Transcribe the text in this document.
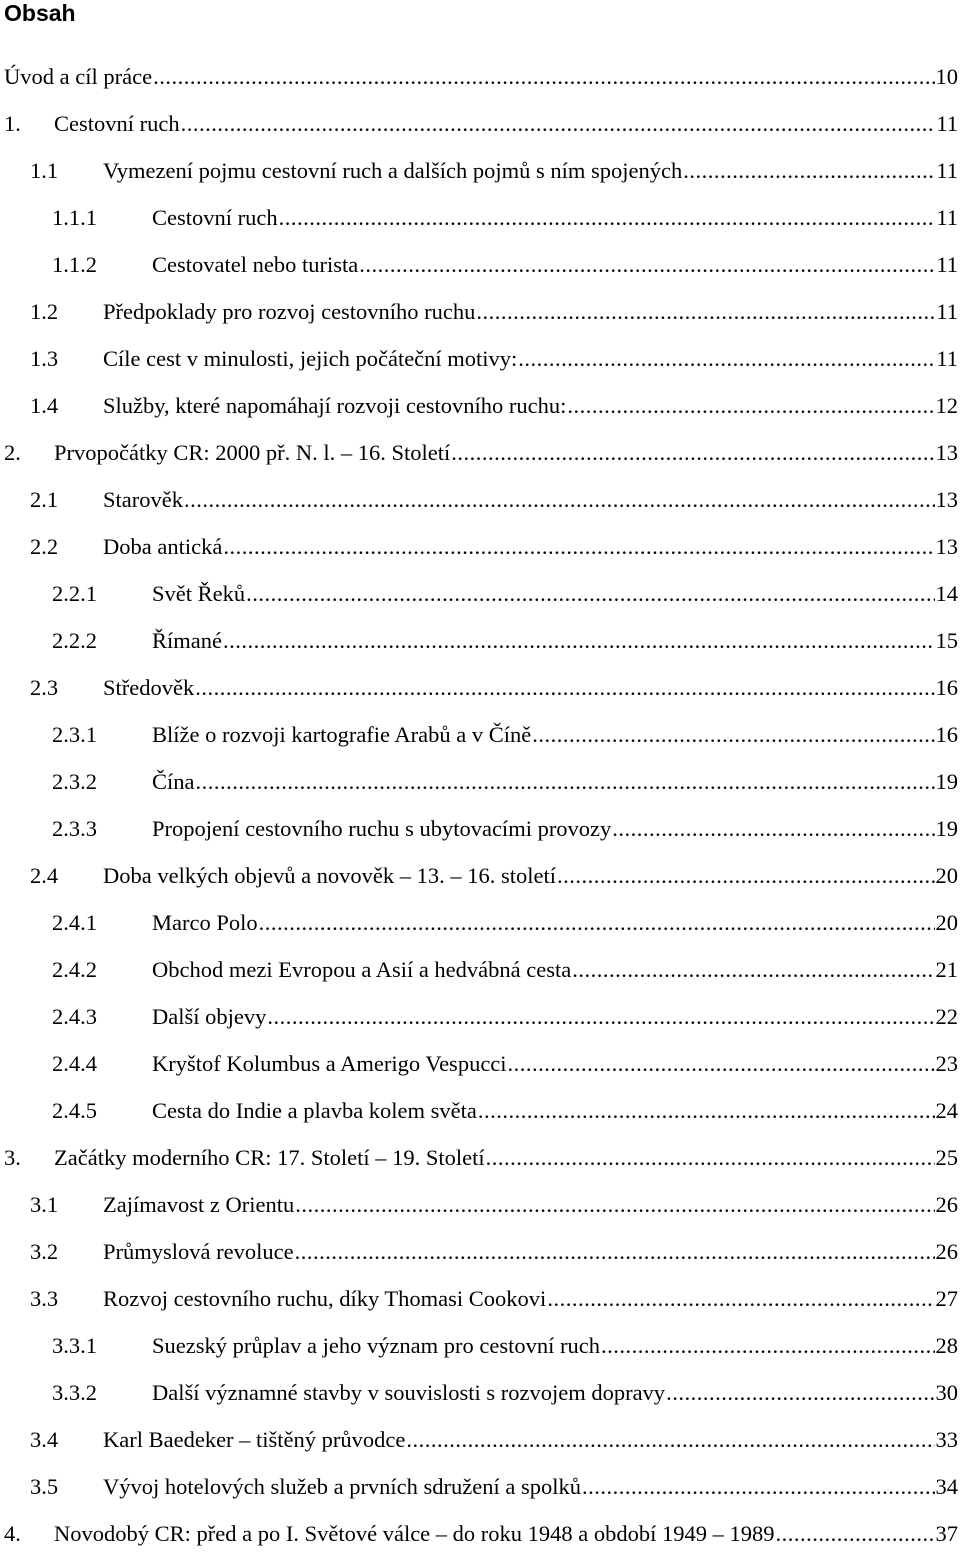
Obsah
Úvod a cíl práce .....	10
1.	Cestovní ruch .....	11
1.1	Vymezení pojmu cestovní ruch a dalších pojmů s ním spojených .....	11
1.1.1	Cestovní ruch .....	11
1.1.2	Cestovatel nebo turista .....	11
1.2	Předpoklady pro rozvoj cestovního ruchu .....	11
1.3	Cíle cest v minulosti, jejich počáteční motivy: .....	11
1.4	Služby, které napomáhají rozvoji cestovního ruchu: .....	12
2.	Prvopočátky CR: 2000 př. N. l. – 16. Století .....	13
2.1	Starověk .....	13
2.2	Doba antická .....	13
2.2.1	Svět Řeků .....	14
2.2.2	Římané .....	15
2.3	Středověk .....	16
2.3.1	Blíže o rozvoji kartografie Arabů a v Číně .....	16
2.3.2	Čína .....	19
2.3.3	Propojení cestovního ruchu s ubytovacími provozy .....	19
2.4	Doba velkých objevů a novověk – 13. – 16. století .....	20
2.4.1	Marco Polo .....	20
2.4.2	Obchod mezi Evropou a Asií a hedvábná cesta .....	21
2.4.3	Další objevy .....	22
2.4.4	Kryštof Kolumbus a Amerigo Vespucci .....	23
2.4.5	Cesta do Indie a plavba kolem světa .....	24
3.	Začátky moderního CR: 17. Století – 19. Století .....	25
3.1	Zajímavost z Orientu .....	26
3.2	Průmyslová revoluce .....	26
3.3	Rozvoj cestovního ruchu, díky Thomasi Cookovi .....	27
3.3.1	Suezský průplav a jeho význam pro cestovní ruch .....	28
3.3.2	Další významné stavby v souvislosti s rozvojem dopravy .....	30
3.4	Karl Baedeker – tištěný průvodce .....	33
3.5	Vývoj hotelových služeb a prvních sdružení a spolků .....	34
4.	Novodobý CR: před a po I. Světové válce – do roku 1948 a období 1949 – 1989 .....	37
